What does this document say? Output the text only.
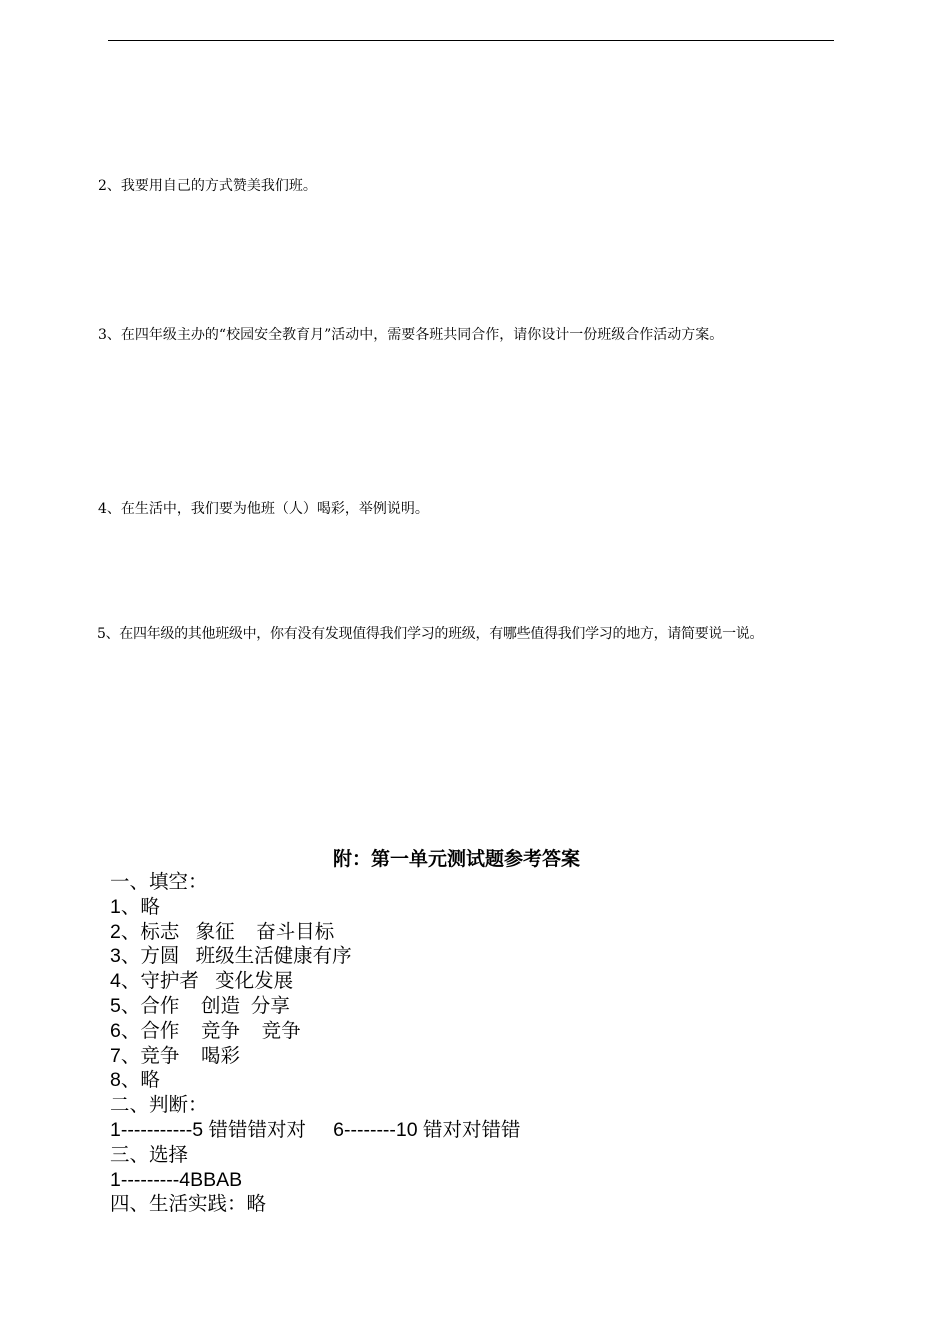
2、我要用自己的方式赞美我们班。
3、在四年级主办的“校园安全教育月”活动中，需要各班共同合作，请你设计一份班级合作活动方案。
4、在生活中，我们要为他班（人）喝彩，举例说明。
5、在四年级的其他班级中，你有没有发现值得我们学习的班级，有哪些值得我们学习的地方，请简要说一说。
附：第一单元测试题参考答案
一、填空：
1、略
2、标志   象征    奋斗目标
3、方圆   班级生活健康有序
4、守护者   变化发展
5、合作    创造  分享
6、合作    竞争    竞争
7、竞争    喝彩
8、略
二、判断：
1-----------5 错错错对对     6--------10 错对对错错
三、选择
1---------4BBAB
四、生活实践：略
